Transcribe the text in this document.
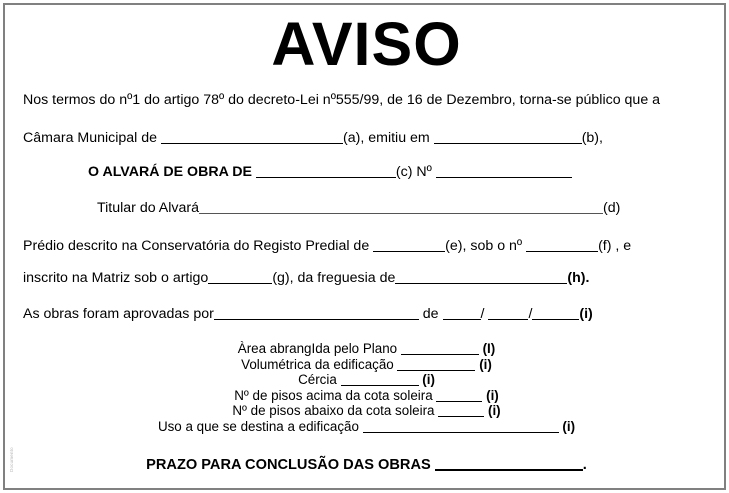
AVISO
Nos termos do nº1 do artigo 78º do decreto-Lei nº555/99, de 16 de Dezembro, torna-se público que a
Câmara Municipal de	(a), emitiu em	(b),
O ALVARÁ DE OBRA DE	(c) Nº
Titular do Alvará	(d)
Prédio descrito na Conservatória do Registo Predial de	(e), sob o nº	(f) , e
inscrito na Matriz sob o artigo	(g), da freguesia de	(h).
As obras foram aprovadas por	de	/	/	(i)
Àrea abrangIda pelo Plano	(I)
Volumétrica da edificação	(i)
Cércia	(i)
Nº de pisos acima da cota soleira	(i)
Nº de pisos abaixo da cota soleira	(i)
Uso a que se destina a edificação	(i)
PRAZO PARA CONCLUSÃO DAS OBRAS	.
Documento
